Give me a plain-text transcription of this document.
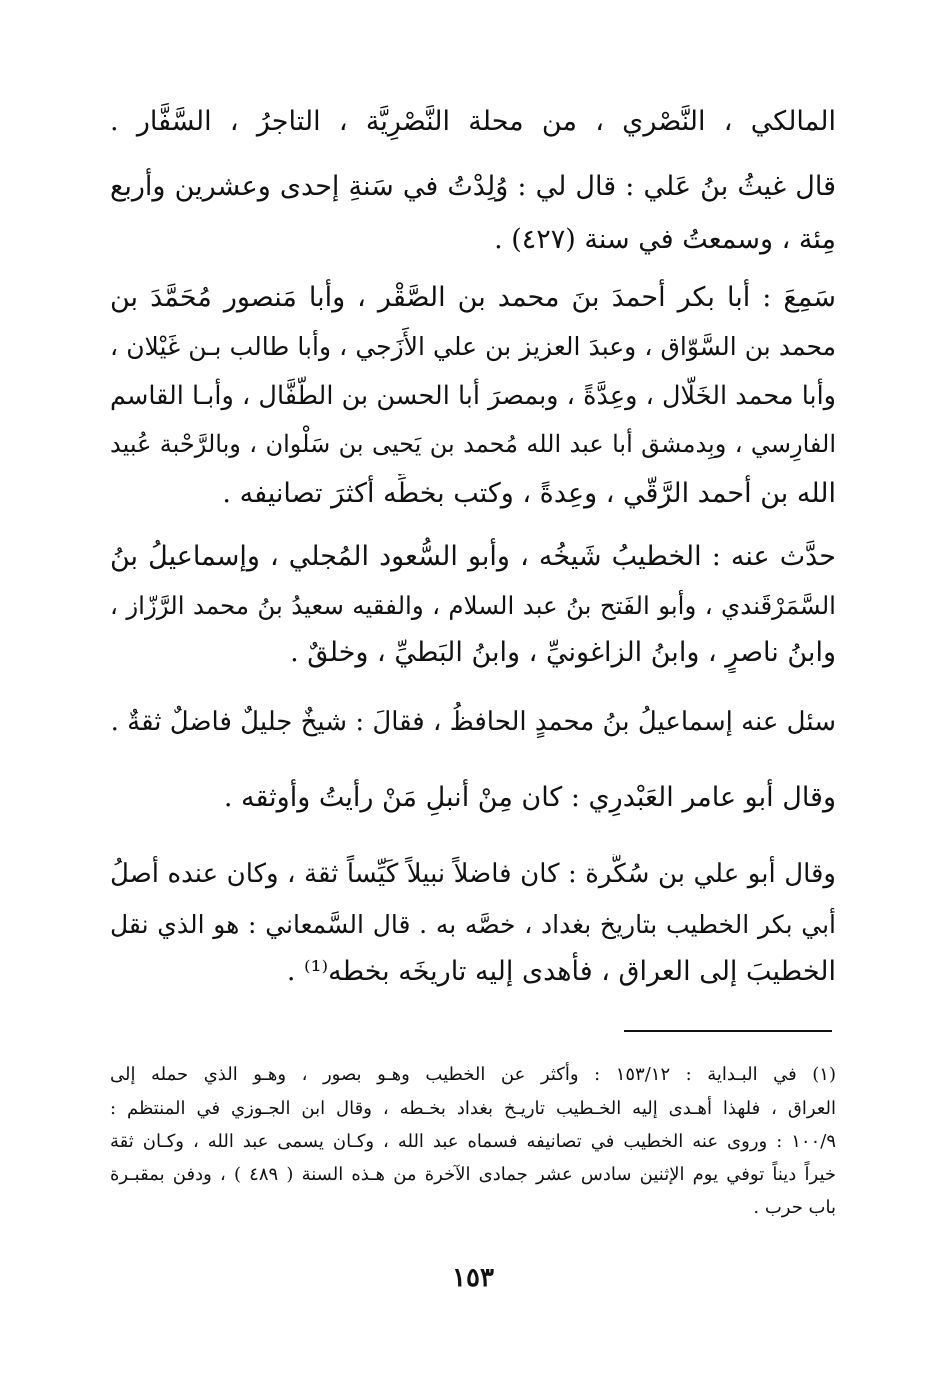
المالكي ، النَّصْري ، من محلة النَّصْرِيَّة ، التاجرُ ، السَّفَّار .
قال غيثُ بنُ عَلي : قال لي : وُلِدْتُ في سَنةِ إحدى وعشرين وأربع
مِئة ، وسمعتُ في سنة (٤٢٧) .
سَمِعَ : أبا بكر أحمدَ بنَ محمد بن الصَّقْر ، وأبا مَنصور مُحَمَّدَ بن
محمد بن السَّوّاق ، وعبدَ العزيز بن علي الأَزَجي ، وأبا طالب بـن غَيْلان ،
وأبا محمد الخَلّال ، وعِدَّةً ، وبمصرَ أبا الحسن بن الطَّفَّال ، وأبـا القاسم
الفارِسي ، وبِدمشق أبا عبد الله مُحمد بن يَحيى بن سَلْوان ، وبالرَّحْبة عُبيد
الله بن أحمد الرَّقّي ، وعِدةً ، وكتب بخطِّه أكثرَ تصانيفه .
حدَّث عنه : الخطيبُ شَيخُه ، وأبو السُّعود المُجلي ، وإسماعيلُ بنُ
السَّمَرْقَندي ، وأبو الفَتح بنُ عبد السلام ، والفقيه سعيدُ بنُ محمد الرَّزّاز ،
وابنُ ناصرٍ ، وابنُ الزاغونيِّ ، وابنُ البَطيِّ ، وخلقٌ .
سئل عنه إسماعيلُ بنُ محمدٍ الحافظُ ، فقالَ : شيخٌ جليلٌ فاضلٌ ثقةٌ .
وقال أبو عامر العَبْدرِي : كان مِنْ أنبلِ مَنْ رأيتُ وأوثقه .
وقال أبو علي بن سُكَّرة : كان فاضلاً نبيلاً كَيِّساً ثقة ، وكان عنده أصلُ
أبي بكر الخطيب بتاريخ بغداد ، خصَّه به . قال السَّمعاني : هو الذي نقل
الخطيبَ إلى العراق ، فأهدى إليه تاريخَه بخطه⁽¹⁾ .
(١) في البـداية : ١٥٣/١٢ : وأكثر عن الخطيب وهـو بصور ، وهـو الذي حمله إلى
العراق ، فلهذا أهـدى إليه الخـطيب تاريـخ بغداد بخـطه ، وقال ابن الجـوزي في المنتظم :
١٠٠/٩ : وروى عنه الخطيب في تصانيفه فسماه عبد الله ، وكـان يسمى عبد الله ، وكـان ثقة
خيراً ديناً توفي يوم الإثنين سادس عشر جمادى الآخرة من هـذه السنة ( ٤٨٩ ) ، ودفن بمقبـرة
باب حرب .
١٥٣
